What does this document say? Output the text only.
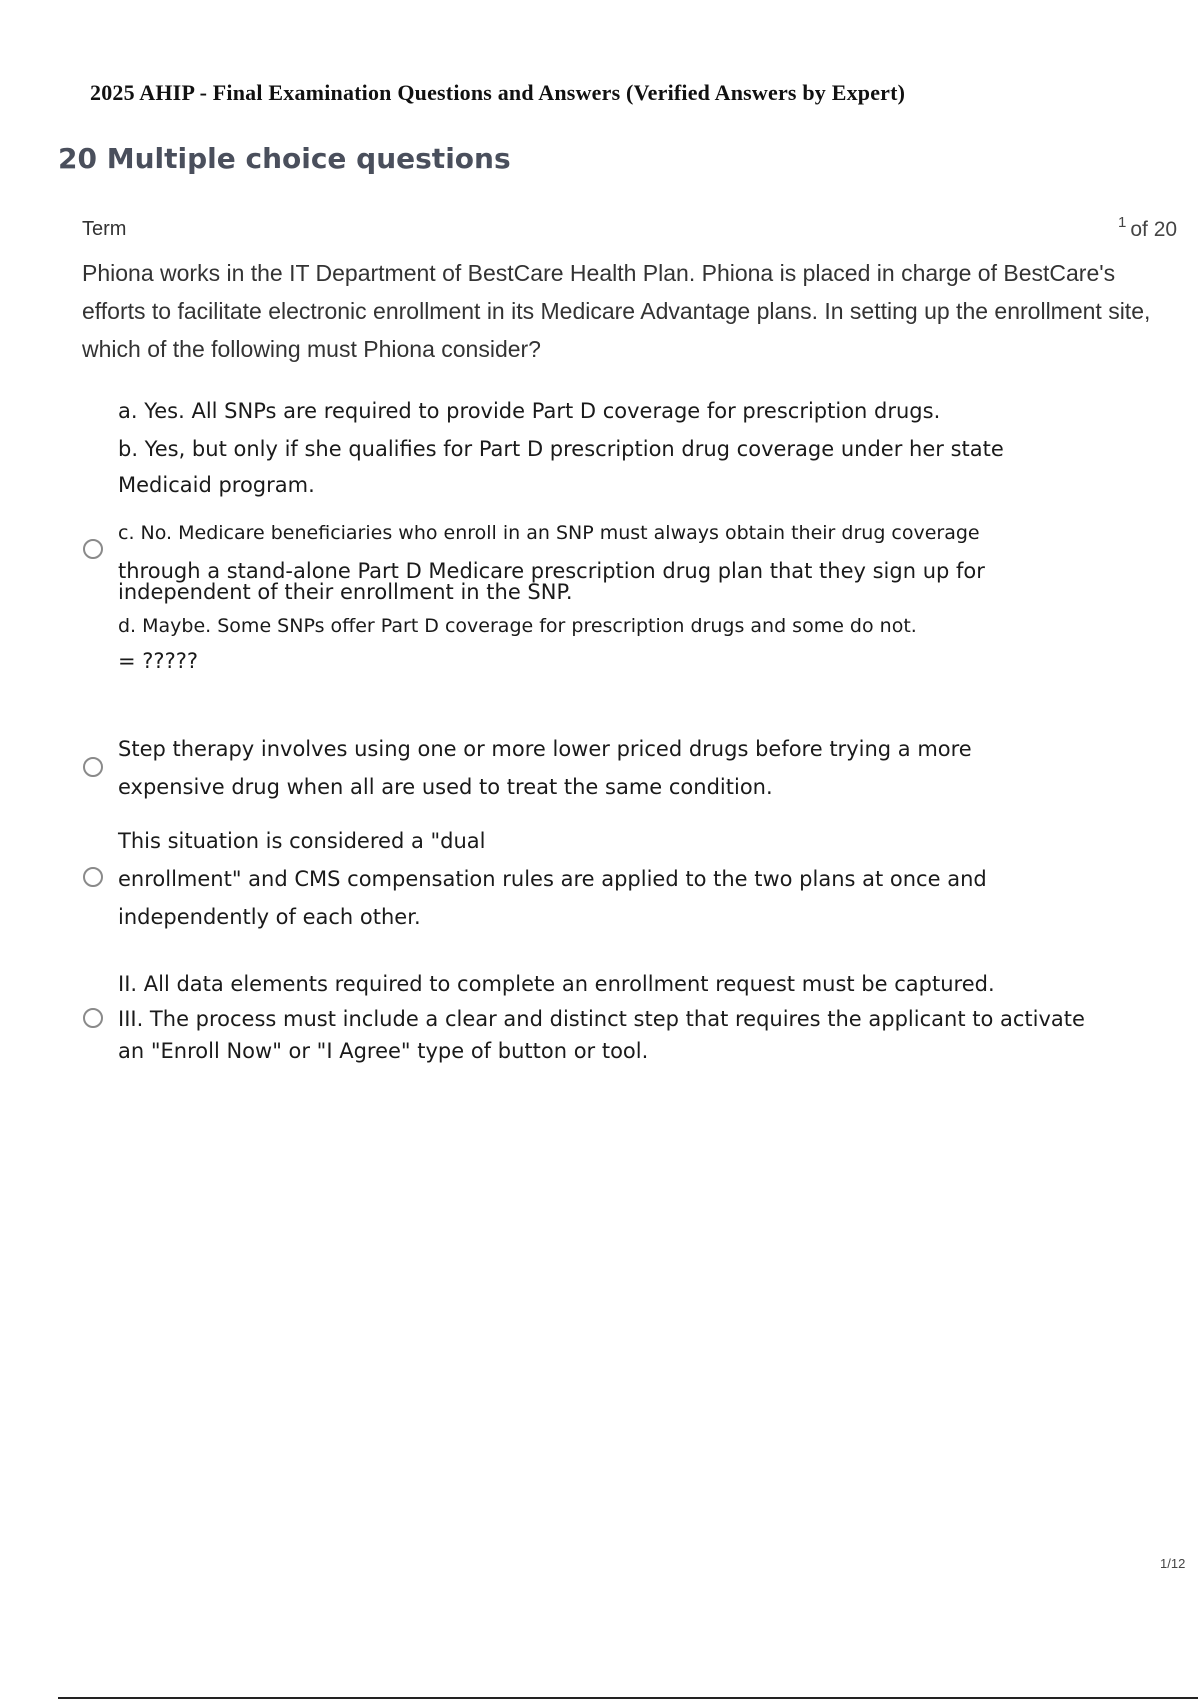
2025 AHIP - Final Examination Questions and Answers (Verified Answers by Expert)
20 Multiple choice questions
Term	1 of 20
Phiona works in the IT Department of BestCare Health Plan. Phiona is placed in charge of BestCare's efforts to facilitate electronic enrollment in its Medicare Advantage plans. In setting up the enrollment site, which of the following must Phiona consider?
a. Yes. All SNPs are required to provide Part D coverage for prescription drugs.
b. Yes, but only if she qualifies for Part D prescription drug coverage under her state
Medicaid program.
c. No. Medicare beneficiaries who enroll in an SNP must always obtain their drug coverage
through a stand-alone Part D Medicare prescription drug plan that they sign up for
independent of their enrollment in the SNP.
d. Maybe. Some SNPs offer Part D coverage for prescription drugs and some do not.
= ?????
Step therapy involves using one or more lower priced drugs before trying a more
expensive drug when all are used to treat the same condition.
This situation is considered a "dual
enrollment" and CMS compensation rules are applied to the two plans at once and
independently of each other.
II. All data elements required to complete an enrollment request must be captured.
III. The process must include a clear and distinct step that requires the applicant to activate
an "Enroll Now" or "I Agree" type of button or tool.
1/12
